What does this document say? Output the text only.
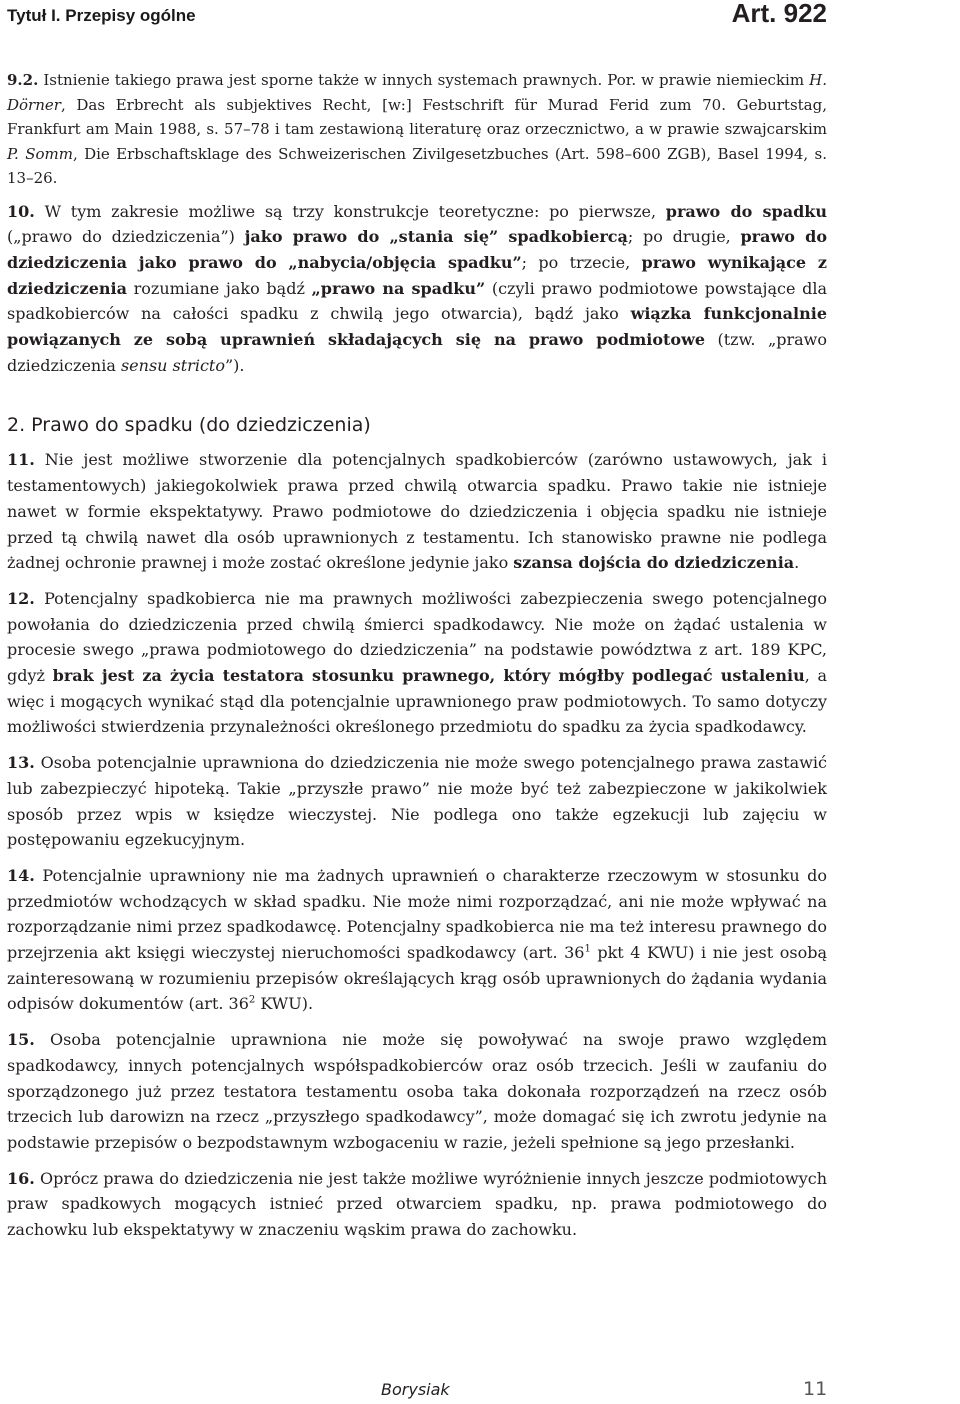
Tytuł I. Przepisy ogólne	Art. 922

9.2. Istnienie takiego prawa jest sporne także w innych systemach prawnych. Por. w prawie niemieckim H. Dörner, Das Erbrecht als subjektives Recht, [w:] Festschrift für Murad Ferid zum 70. Geburtstag, Frankfurt am Main 1988, s. 57–78 i tam zestawioną literaturę oraz orzecznictwo, a w prawie szwajcarskim P. Somm, Die Erbschaftsklage des Schweizerischen Zivilgesetzbuches (Art. 598–600 ZGB), Basel 1994, s. 13–26.

10. W tym zakresie możliwe są trzy konstrukcje teoretyczne: po pierwsze, prawo do spadku („prawo do dziedziczenia”) jako prawo do „stania się” spadkobiercą; po drugie, prawo do dziedziczenia jako prawo do „nabycia/objęcia spadku”; po trzecie, prawo wynikające z dziedziczenia rozumiane jako bądź „prawo na spadku” (czyli prawo podmiotowe powstające dla spadkobierców na całości spadku z chwilą jego otwarcia), bądź jako wiązka funkcjonalnie powiązanych ze sobą uprawnień składających się na prawo podmiotowe (tzw. „prawo dziedziczenia sensu stricto”).

2. Prawo do spadku (do dziedziczenia)

11. Nie jest możliwe stworzenie dla potencjalnych spadkobierców (zarówno ustawowych, jak i testamentowych) jakiegokolwiek prawa przed chwilą otwarcia spadku. Prawo takie nie istnieje nawet w formie ekspektatywy. Prawo podmiotowe do dziedziczenia i objęcia spadku nie istnieje przed tą chwilą nawet dla osób uprawnionych z testamentu. Ich stanowisko prawne nie podlega żadnej ochronie prawnej i może zostać określone jedynie jako szansa dojścia do dziedziczenia.

12. Potencjalny spadkobierca nie ma prawnych możliwości zabezpieczenia swego potencjalnego powołania do dziedziczenia przed chwilą śmierci spadkodawcy. Nie może on żądać ustalenia w procesie swego „prawa podmiotowego do dziedziczenia” na podstawie powództwa z art. 189 KPC, gdyż brak jest za życia testatora stosunku prawnego, który mógłby podlegać ustaleniu, a więc i mogących wynikać stąd dla potencjalnie uprawnionego praw podmiotowych. To samo dotyczy możliwości stwierdzenia przynależności określonego przedmiotu do spadku za życia spadkodawcy.

13. Osoba potencjalnie uprawniona do dziedziczenia nie może swego potencjalnego prawa zastawić lub zabezpieczyć hipoteką. Takie „przyszłe prawo” nie może być też zabezpieczone w jakikolwiek sposób przez wpis w księdze wieczystej. Nie podlega ono także egzekucji lub zajęciu w postępowaniu egzekucyjnym.

14. Potencjalnie uprawniony nie ma żadnych uprawnień o charakterze rzeczowym w stosunku do przedmiotów wchodzących w skład spadku. Nie może nimi rozporządzać, ani nie może wpływać na rozporządzanie nimi przez spadkodawcę. Potencjalny spadkobierca nie ma też interesu prawnego do przejrzenia akt księgi wieczystej nieruchomości spadkodawcy (art. $36^1$ pkt 4 KWU) i nie jest osobą zainteresowaną w rozumieniu przepisów określających krąg osób uprawnionych do żądania wydania odpisów dokumentów (art. $36^2$ KWU).

15. Osoba potencjalnie uprawniona nie może się powoływać na swoje prawo względem spadkodawcy, innych potencjalnych współspadkobierców oraz osób trzecich. Jeśli w zaufaniu do sporządzonego już przez testatora testamentu osoba taka dokonała rozporządzeń na rzecz osób trzecich lub darowizn na rzecz „przyszłego spadkodawcy”, może domagać się ich zwrotu jedynie na podstawie przepisów o bezpodstawnym wzbogaceniu w razie, jeżeli spełnione są jego przesłanki.

16. Oprócz prawa do dziedziczenia nie jest także możliwe wyróżnienie innych jeszcze podmiotowych praw spadkowych mogących istnieć przed otwarciem spadku, np. prawa podmiotowego do zachowku lub ekspektatywy w znaczeniu wąskim prawa do zachowku.

Borysiak	11
